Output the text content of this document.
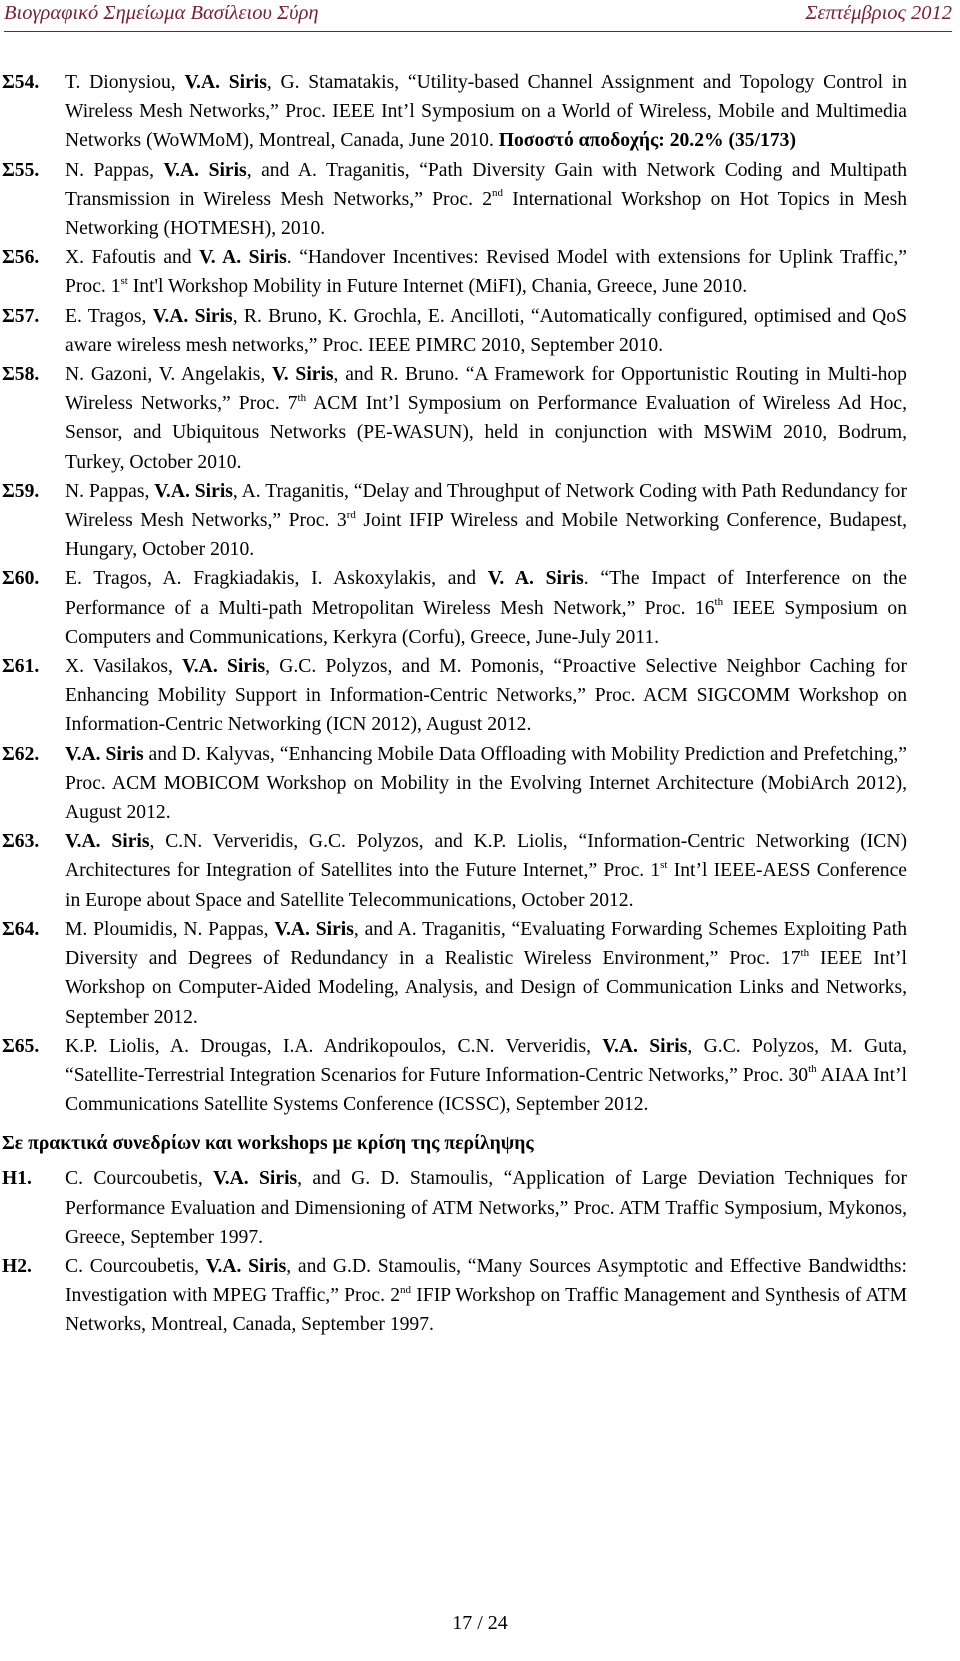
Βιογραφικό Σημείωμα Βασίλειου Σύρη	Σεπτέμβριος 2012
Σ54.	T. Dionysiou, V.A. Siris, G. Stamatakis, “Utility-based Channel Assignment and Topology Control in Wireless Mesh Networks,” Proc. IEEE Int’l Symposium on a World of Wireless, Mobile and Multimedia Networks (WoWMoM), Montreal, Canada, June 2010. Ποσοστό αποδοχής: 20.2% (35/173)
Σ55.	N. Pappas, V.A. Siris, and A. Traganitis, “Path Diversity Gain with Network Coding and Multipath Transmission in Wireless Mesh Networks,” Proc. 2nd International Workshop on Hot Topics in Mesh Networking (HOTMESH), 2010.
Σ56.	X. Fafoutis and V. A. Siris. “Handover Incentives: Revised Model with extensions for Uplink Traffic,” Proc. 1st Int'l Workshop Mobility in Future Internet (MiFI), Chania, Greece, June 2010.
Σ57.	E. Tragos, V.A. Siris, R. Bruno, K. Grochla, E. Ancilloti, “Automatically configured, optimised and QoS aware wireless mesh networks,” Proc. IEEE PIMRC 2010, September 2010.
Σ58.	N. Gazoni, V. Angelakis, V. Siris, and R. Bruno. “A Framework for Opportunistic Routing in Multi-hop Wireless Networks,” Proc. 7th ACM Int’l Symposium on Performance Evaluation of Wireless Ad Hoc, Sensor, and Ubiquitous Networks (PE-WASUN), held in conjunction with MSWiM 2010, Bodrum, Turkey, October 2010.
Σ59.	N. Pappas, V.A. Siris, A. Traganitis, “Delay and Throughput of Network Coding with Path Redundancy for Wireless Mesh Networks,” Proc. 3rd Joint IFIP Wireless and Mobile Networking Conference, Budapest, Hungary, October 2010.
Σ60.	E. Tragos, A. Fragkiadakis, I. Askoxylakis, and V. A. Siris. “The Impact of Interference on the Performance of a Multi-path Metropolitan Wireless Mesh Network,” Proc. 16th IEEE Symposium on Computers and Communications, Kerkyra (Corfu), Greece, June-July 2011.
Σ61.	X. Vasilakos, V.A. Siris, G.C. Polyzos, and M. Pomonis, “Proactive Selective Neighbor Caching for Enhancing Mobility Support in Information-Centric Networks,” Proc. ACM SIGCOMM Workshop on Information-Centric Networking (ICN 2012), August 2012.
Σ62.	V.A. Siris and D. Kalyvas, “Enhancing Mobile Data Offloading with Mobility Prediction and Prefetching,” Proc. ACM MOBICOM Workshop on Mobility in the Evolving Internet Architecture (MobiArch 2012), August 2012.
Σ63.	V.A. Siris, C.N. Ververidis, G.C. Polyzos, and K.P. Liolis, “Information-Centric Networking (ICN) Architectures for Integration of Satellites into the Future Internet,” Proc. 1st Int’l IEEE-AESS Conference in Europe about Space and Satellite Telecommunications, October 2012.
Σ64.	M. Ploumidis, N. Pappas, V.A. Siris, and A. Traganitis, “Evaluating Forwarding Schemes Exploiting Path Diversity and Degrees of Redundancy in a Realistic Wireless Environment,” Proc. 17th IEEE Int’l Workshop on Computer-Aided Modeling, Analysis, and Design of Communication Links and Networks, September 2012.
Σ65.	K.P. Liolis, A. Drougas, I.A. Andrikopoulos, C.N. Ververidis, V.A. Siris, G.C. Polyzos, M. Guta, “Satellite-Terrestrial Integration Scenarios for Future Information-Centric Networks,” Proc. 30th AIAA Int’l Communications Satellite Systems Conference (ICSSC), September 2012.
Σε πρακτικά συνεδρίων και workshops με κρίση της περίληψης
H1.	C. Courcoubetis, V.A. Siris, and G. D. Stamoulis, “Application of Large Deviation Techniques for Performance Evaluation and Dimensioning of ATM Networks,” Proc. ATM Traffic Symposium, Mykonos, Greece, September 1997.
H2.	C. Courcoubetis, V.A. Siris, and G.D. Stamoulis, “Many Sources Asymptotic and Effective Bandwidths: Investigation with MPEG Traffic,” Proc. 2nd IFIP Workshop on Traffic Management and Synthesis of ATM Networks, Montreal, Canada, September 1997.
17 / 24
